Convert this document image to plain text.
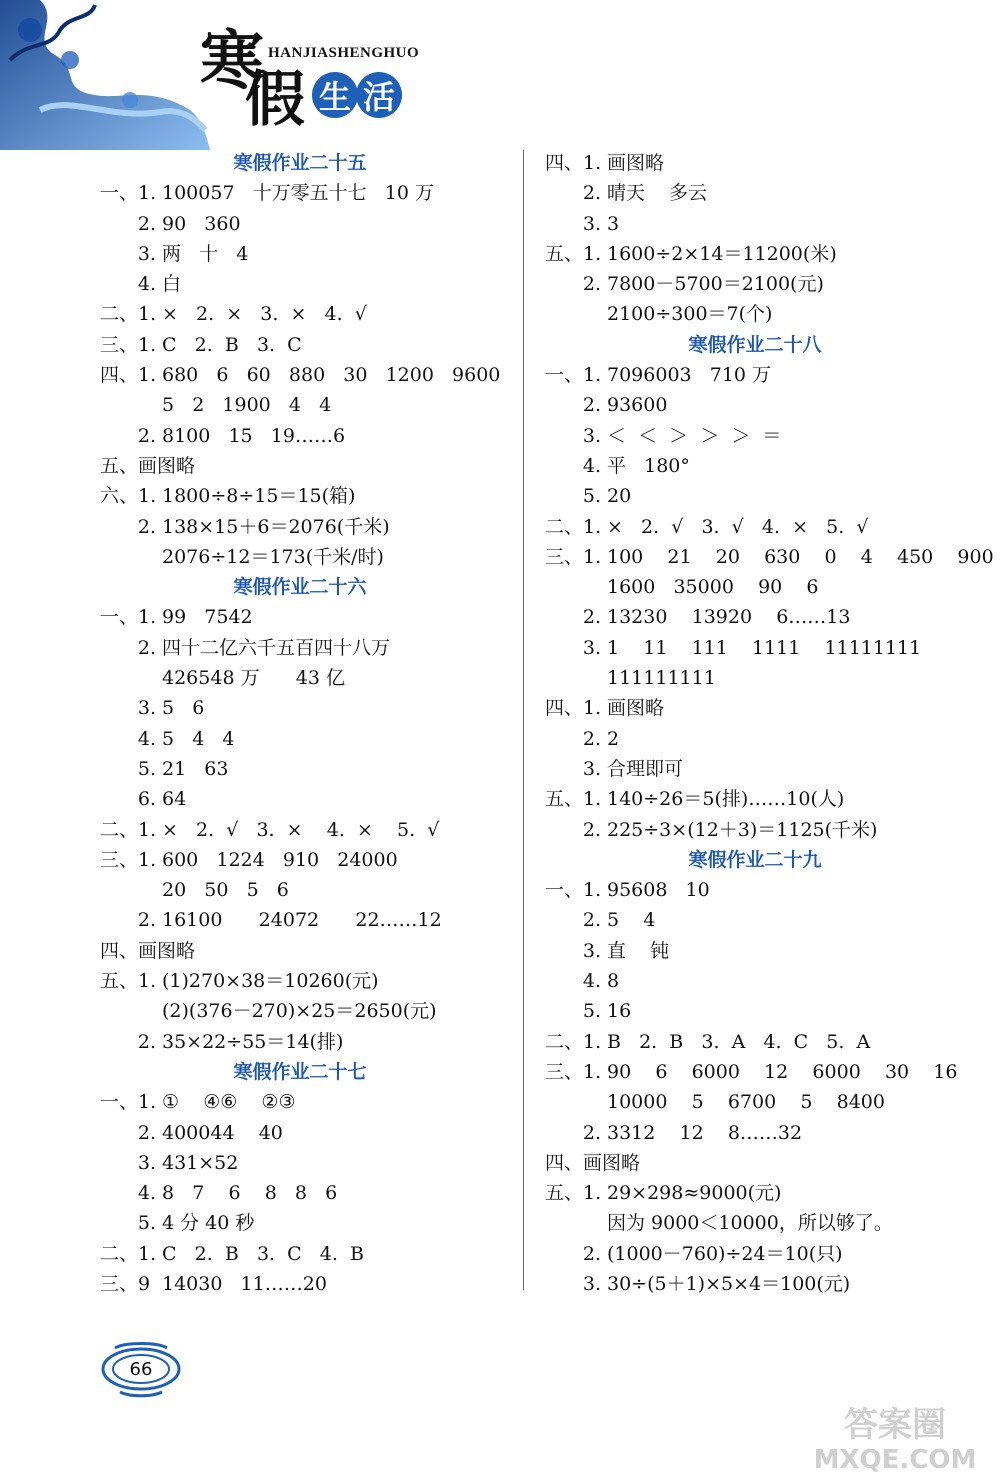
寒
假
HANJIASHENGHUO
生 活
寒假作业二十五
一、1. 100057   十万零五十七   10 万
2. 90   360
3. 两   十   4
4. 白
二、1. ×   2.  ×   3.  ×   4.  √
三、1. C   2.  B   3.  C
四、1. 680   6   60   880   30   1200   9600
5   2   1900   4   4
2. 8100   15   19……6
五、画图略
六、1. 1800÷8÷15＝15(箱)
2. 138×15＋6＝2076(千米)
2076÷12＝173(千米/时)
寒假作业二十六
一、1. 99   7542
2. 四十二亿六千五百四十八万
426548 万      43 亿
3. 5   6
4. 5   4   4
5. 21   63
6. 64
二、1. ×   2.  √   3.  ×    4.  ×    5.  √
三、1. 600   1224   910   24000
20   50   5   6
2. 16100      24072      22……12
四、画图略
五、1. (1)270×38＝10260(元)
(2)(376－270)×25＝2650(元)
2. 35×22÷55＝14(排)
寒假作业二十七
一、1. ①    ④⑥    ②③
2. 400044    40
3. 431×52
4. 8   7    6    8   8   6
5. 4 分 40 秒
二、1. C   2.  B   3.  C   4.  B
三、9 14030   11……20
四、1. 画图略
2. 晴天    多云
3. 3
五、1. 1600÷2×14＝11200(米)
2. 7800－5700＝2100(元)
2100÷300＝7(个)
寒假作业二十八
一、1. 7096003   710 万
2. 93600
3. ＜  ＜  ＞  ＞  ＞  ＝
4. 平   180°
5. 20
二、1. ×   2.  √   3.  √   4.  ×   5.  √
三、1. 100    21    20    630    0    4    450    900
1600   35000    90    6
2. 13230    13920    6……13
3. 1    11    111    1111    11111111
111111111
四、1. 画图略
2. 2
3. 合理即可
五、1. 140÷26＝5(排)……10(人)
2. 225÷3×(12＋3)＝1125(千米)
寒假作业二十九
一、1. 95608   10
2. 5    4
3. 直    钝
4. 8
5. 16
二、1. B   2.  B   3.  A   4.  C   5.  A
三、1. 90    6    6000    12    6000    30    16
10000    5    6700    5    8400
2. 3312    12    8……32
四、画图略
五、1. 29×298≈9000(元)
因为 9000＜10000，所以够了。
2. (1000－760)÷24＝10(只)
3. 30÷(5＋1)×5×4＝100(元)
66
答案圈
MXQE.COM
